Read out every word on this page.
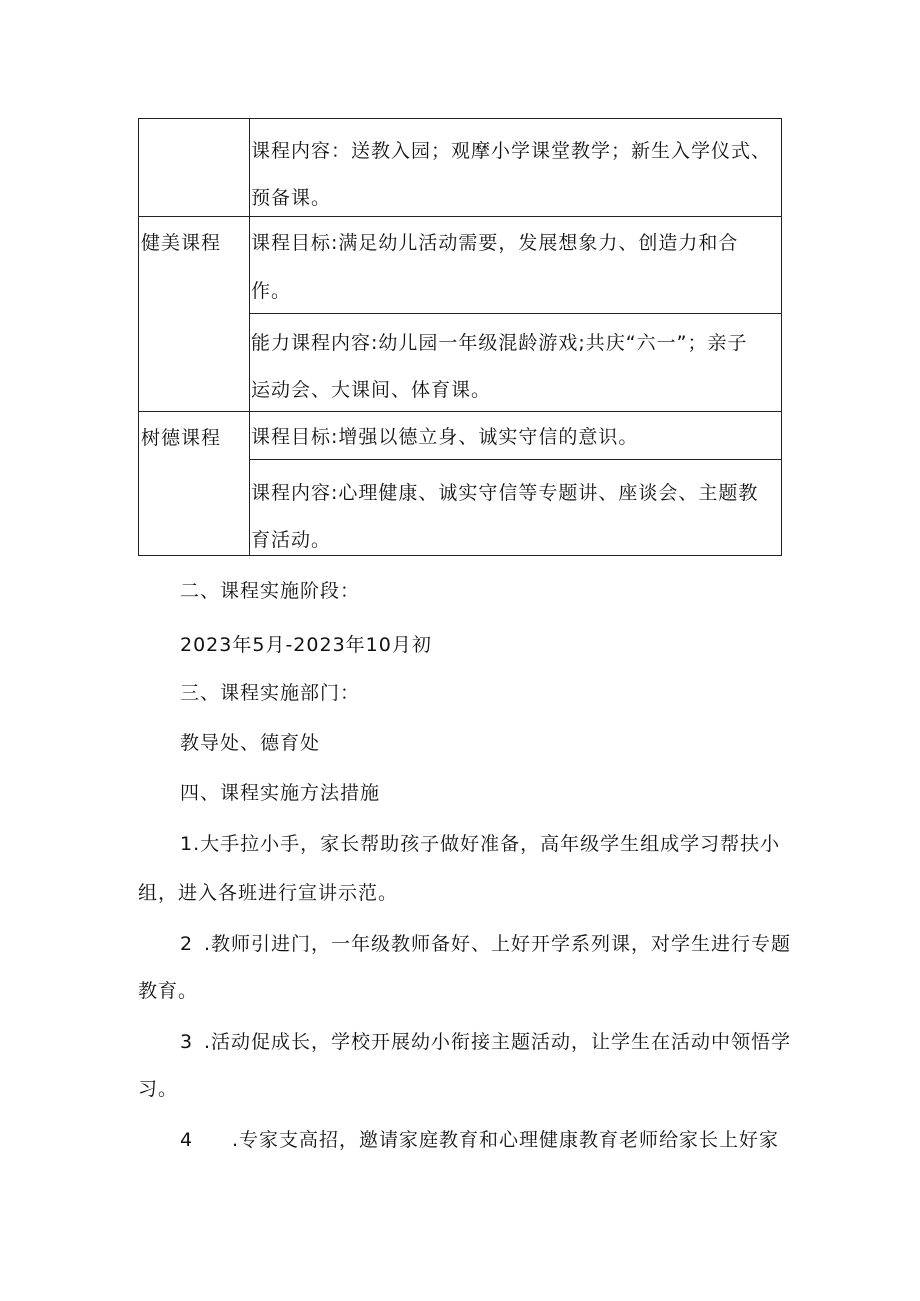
健美课程
树德课程
课程内容：送教入园；观摩小学课堂教学；新生入学仪式、
预备课。
课程目标:满足幼儿活动需要，发展想象力、创造力和合
作。
能力课程内容:幼儿园一年级混龄游戏;共庆“六一”；亲子
运动会、大课间、体育课。
课程目标:增强以德立身、诚实守信的意识。
课程内容:心理健康、诚实守信等专题讲、座谈会、主题教
育活动。
二、课程实施阶段：
2023年5月-2023年10月初
三、课程实施部门：
教导处、德育处
四、课程实施方法措施
1.大手拉小手，家长帮助孩子做好准备，高年级学生组成学习帮扶小
组，进入各班进行宣讲示范。
2 .教师引进门，一年级教师备好、上好开学系列课，对学生进行专题
教育。
3 .活动促成长，学校开展幼小衔接主题活动，让学生在活动中领悟学
习。
4 .专家支高招，邀请家庭教育和心理健康教育老师给家长上好家
